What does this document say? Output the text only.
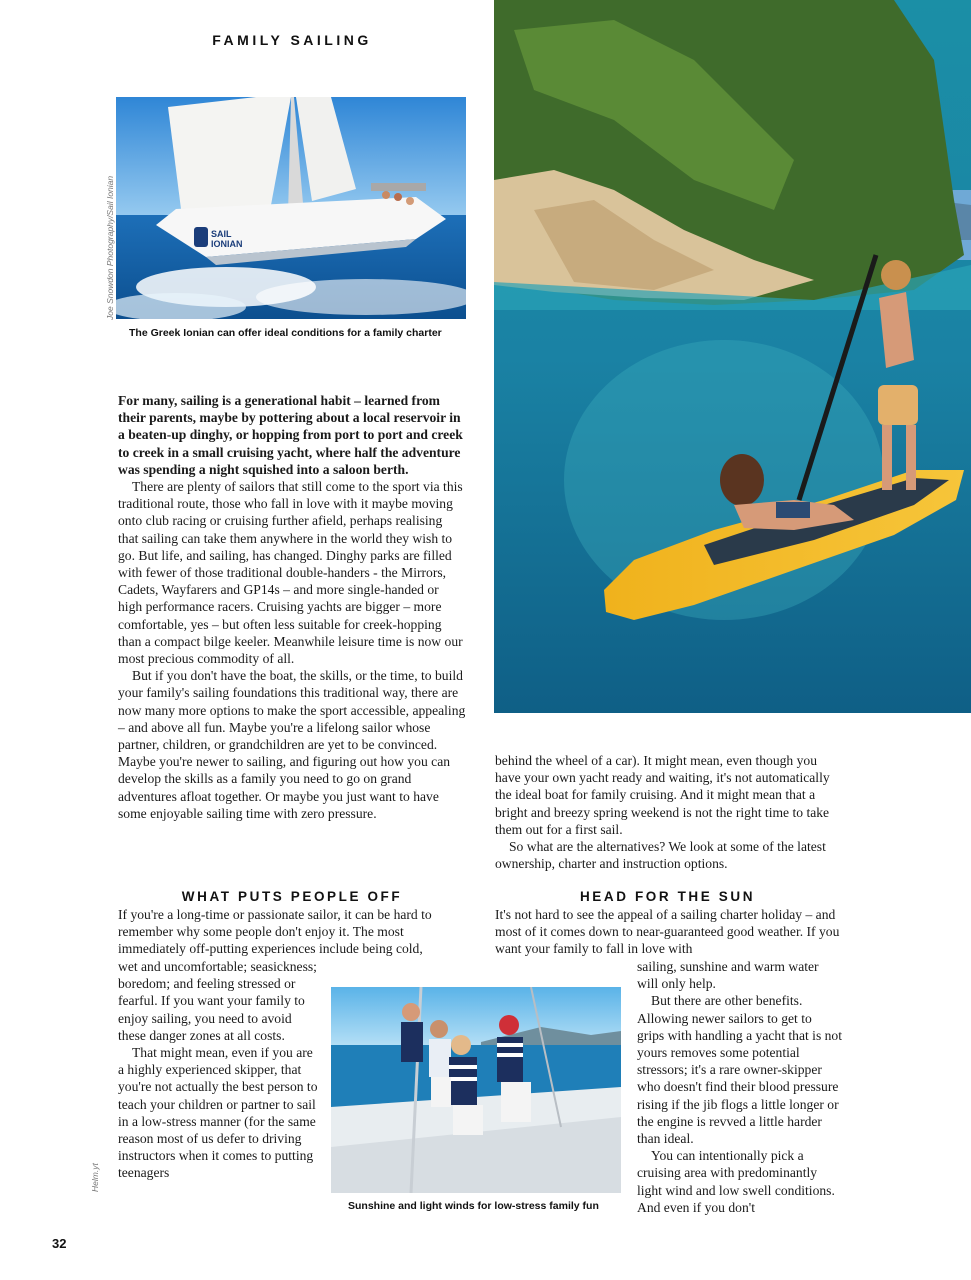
FAMILY SAILING
SAIL
IONIAN
Joe Snowdon Photography/Sail Ionian
The Greek Ionian can offer ideal conditions for a family charter

For many, sailing is a generational habit – learned from their parents, maybe by pottering about a local reservoir in a beaten-up dinghy, or hopping from port to port and creek to creek in a small cruising yacht, where half the adventure was spending a night squished into a saloon berth.

There are plenty of sailors that still come to the sport via this traditional route, those who fall in love with it maybe moving onto club racing or cruising further afield, perhaps realising that sailing can take them anywhere in the world they wish to go. But life, and sailing, has changed. Dinghy parks are filled with fewer of those traditional double-handers - the Mirrors, Cadets, Wayfarers and GP14s – and more single-handed or high performance racers. Cruising yachts are bigger – more comfortable, yes – but often less suitable for creek-hopping than a compact bilge keeler. Meanwhile leisure time is now our most precious commodity of all.

But if you don't have the boat, the skills, or the time, to build your family's sailing foundations this traditional way, there are now many more options to make the sport accessible, appealing – and above all fun. Maybe you're a lifelong sailor whose partner, children, or grandchildren are yet to be convinced. Maybe you're newer to sailing, and figuring out how you can develop the skills as a family you need to go on grand adventures afloat together. Or maybe you just want to have some enjoyable sailing time with zero pressure.

behind the wheel of a car). It might mean, even though you have your own yacht ready and waiting, it's not automatically the ideal boat for family cruising. And it might mean that a bright and breezy spring weekend is not the right time to take them out for a first sail.

So what are the alternatives? We look at some of the latest ownership, charter and instruction options.

WHAT PUTS PEOPLE OFF	HEAD FOR THE SUN

If you're a long-time or passionate sailor, it can be hard to remember why some people don't enjoy it. The most immediately off-putting experiences include being cold,

wet and uncomfortable; seasickness; boredom; and feeling stressed or fearful. If you want your family to enjoy sailing, you need to avoid these danger zones at all costs.

That might mean, even if you are a highly experienced skipper, that you're not actually the best person to teach your children or partner to sail in a low-stress manner (for the same reason most of us defer to driving instructors when it comes to putting teenagers

Sunshine and light winds for low-stress family fun
Helm.yt

It's not hard to see the appeal of a sailing charter holiday – and most of it comes down to near-guaranteed good weather. If you want your family to fall in love with

sailing, sunshine and warm water will only help.

But there are other benefits. Allowing newer sailors to get to grips with handling a yacht that is not yours removes some potential stressors; it's a rare owner-skipper who doesn't find their blood pressure rising if the jib flogs a little longer or the engine is revved a little harder than ideal.

You can intentionally pick a cruising area with predominantly light wind and low swell conditions. And even if you don't

32
